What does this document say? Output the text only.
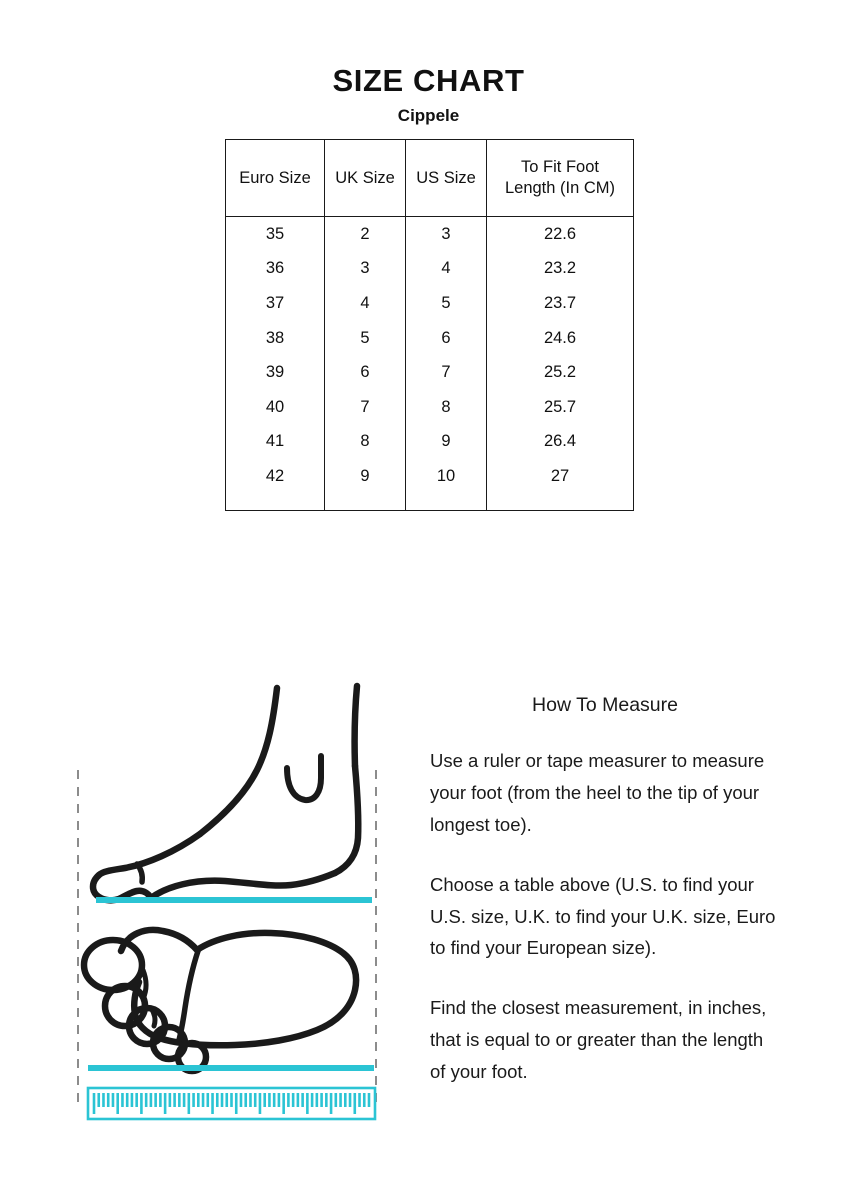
SIZE CHART
Cippele
Euro Size	UK Size	US Size	To Fit Foot
Length (In CM)
35	2	3	22.6
36	3	4	23.2
37	4	5	23.7
38	5	6	24.6
39	6	7	25.2
40	7	8	25.7
41	8	9	26.4
42	9	10	27
How To Measure

Use a ruler or tape measurer to measure your foot (from the heel to the tip of your longest toe).

Choose a table above (U.S. to find your U.S. size, U.K. to find your U.K. size, Euro to find your European size).

Find the closest measurement, in inches, that is equal to or greater than the length of your foot.
